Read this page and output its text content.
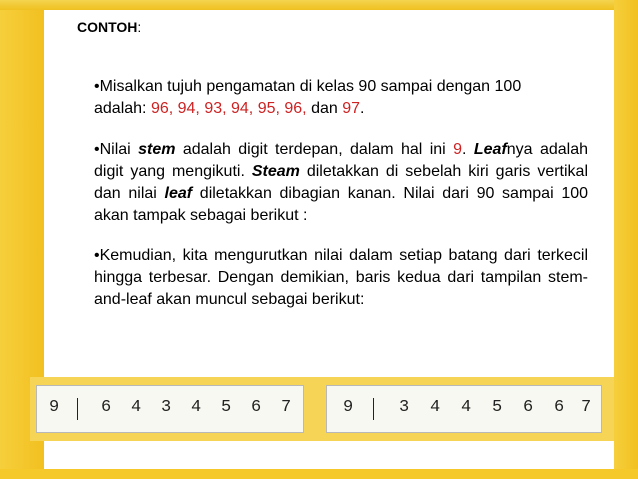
CONTOH:
•Misalkan tujuh pengamatan di kelas 90 sampai dengan 100
adalah: 96, 94, 93, 94, 95, 96, dan 97.
•Nilai stem adalah digit terdepan, dalam hal ini 9. Leafnya adalah digit yang mengikuti. Steam diletakkan di sebelah kiri garis vertikal dan nilai leaf diletakkan dibagian kanan. Nilai dari 90 sampai 100 akan tampak sebagai berikut :
•Kemudian, kita mengurutkan nilai dalam setiap batang dari terkecil hingga terbesar. Dengan demikian, baris kedua dari tampilan stem-and-leaf akan muncul sebagai berikut:
9 6 4 3 4 5 6 7	9	3 4 4 5 6 6 7
